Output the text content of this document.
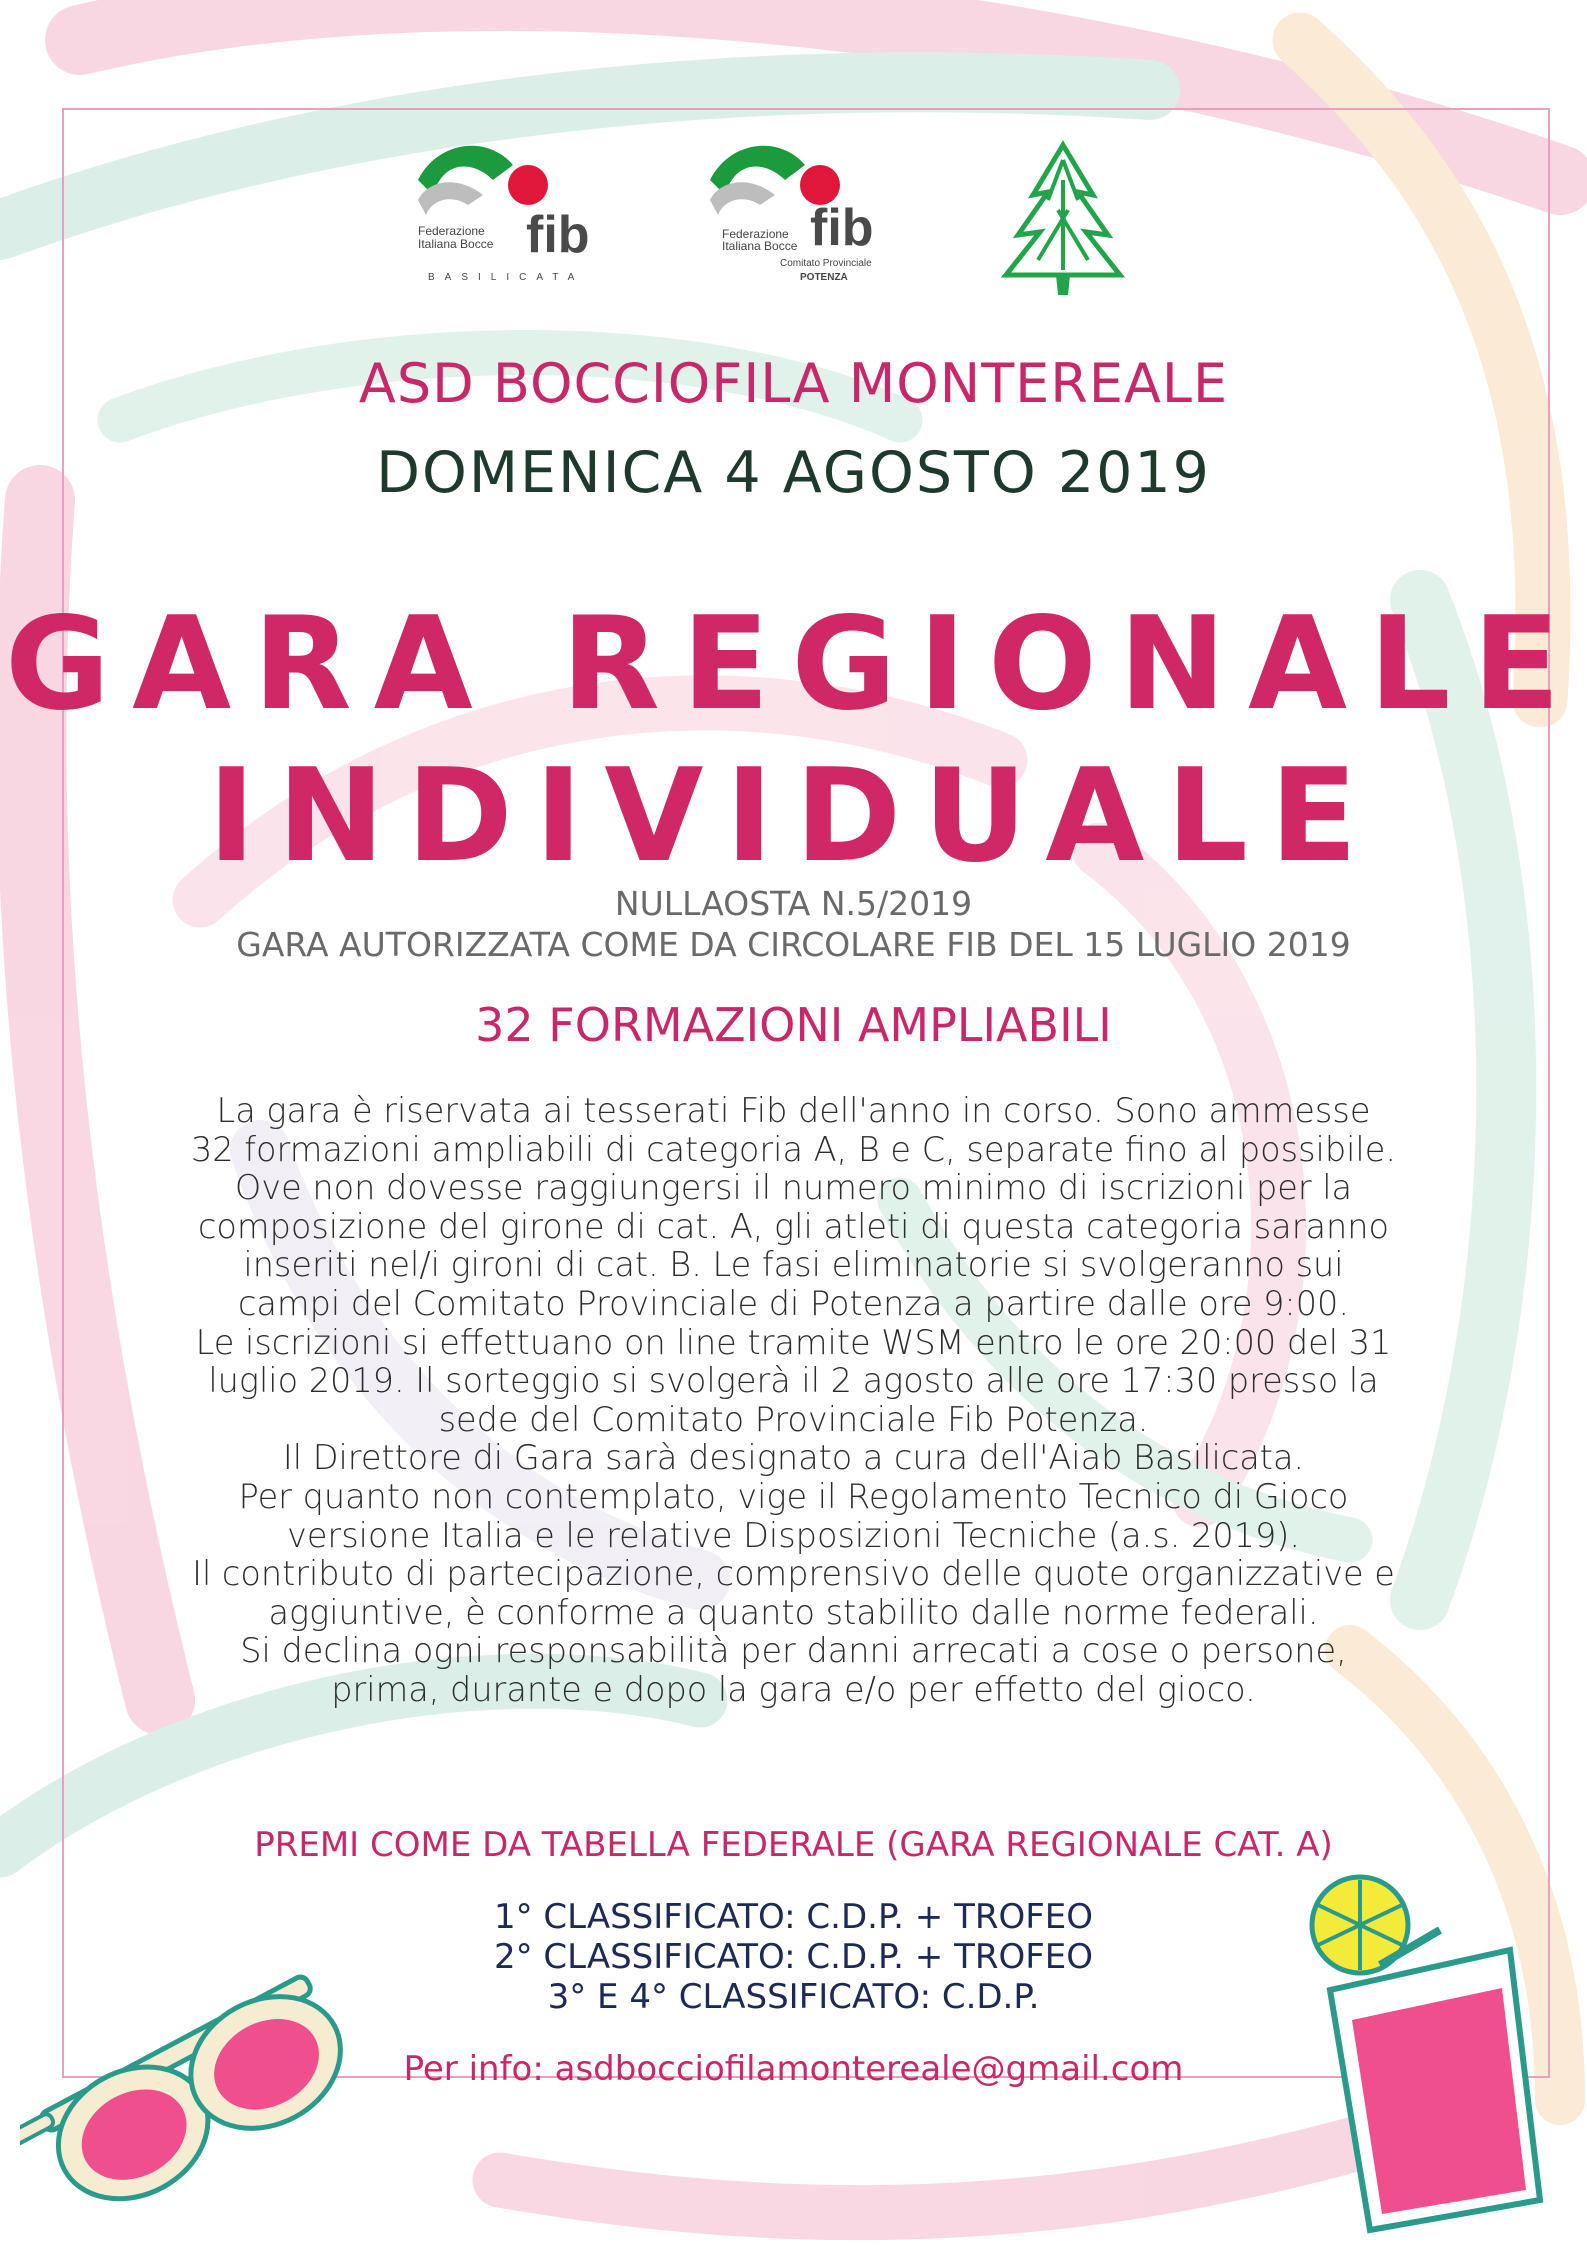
fib
Federazione
Italiana Bocce
BASILICATA
fib
Federazione
Italiana Bocce
Comitato Provinciale
POTENZA
ASD BOCCIOFILA MONTEREALE
DOMENICA 4 AGOSTO 2019
GARA REGIONALE
INDIVIDUALE
NULLAOSTA N.5/2019
GARA AUTORIZZATA COME DA CIRCOLARE FIB DEL 15 LUGLIO 2019
32 FORMAZIONI AMPLIABILI

La gara è riservata ai tesserati Fib dell'anno in corso. Sono ammesse

32 formazioni ampliabili di categoria A, B e C, separate fino al possibile.

Ove non dovesse raggiungersi il numero minimo di iscrizioni per la

composizione del girone di cat. A, gli atleti di questa categoria saranno

inseriti nel/i gironi di cat. B. Le fasi eliminatorie si svolgeranno sui

campi del Comitato Provinciale di Potenza a partire dalle ore 9:00.

Le iscrizioni si effettuano on line tramite WSM entro le ore 20:00 del 31

luglio 2019. Il sorteggio si svolgerà il 2 agosto alle ore 17:30 presso la

sede del Comitato Provinciale Fib Potenza.

Il Direttore di Gara sarà designato a cura dell'Aiab Basilicata.

Per quanto non contemplato, vige il Regolamento Tecnico di Gioco

versione Italia e le relative Disposizioni Tecniche (a.s. 2019).

Il contributo di partecipazione, comprensivo delle quote organizzative e

aggiuntive, è conforme a quanto stabilito dalle norme federali.

Si declina ogni responsabilità per danni arrecati a cose o persone,

prima, durante e dopo la gara e/o per effetto del gioco.

PREMI COME DA TABELLA FEDERALE (GARA REGIONALE CAT. A)
1° CLASSIFICATO: C.D.P. + TROFEO
2° CLASSIFICATO: C.D.P. + TROFEO
3° E 4° CLASSIFICATO: C.D.P.
Per info: asdbocciofilamontereale@gmail.com
